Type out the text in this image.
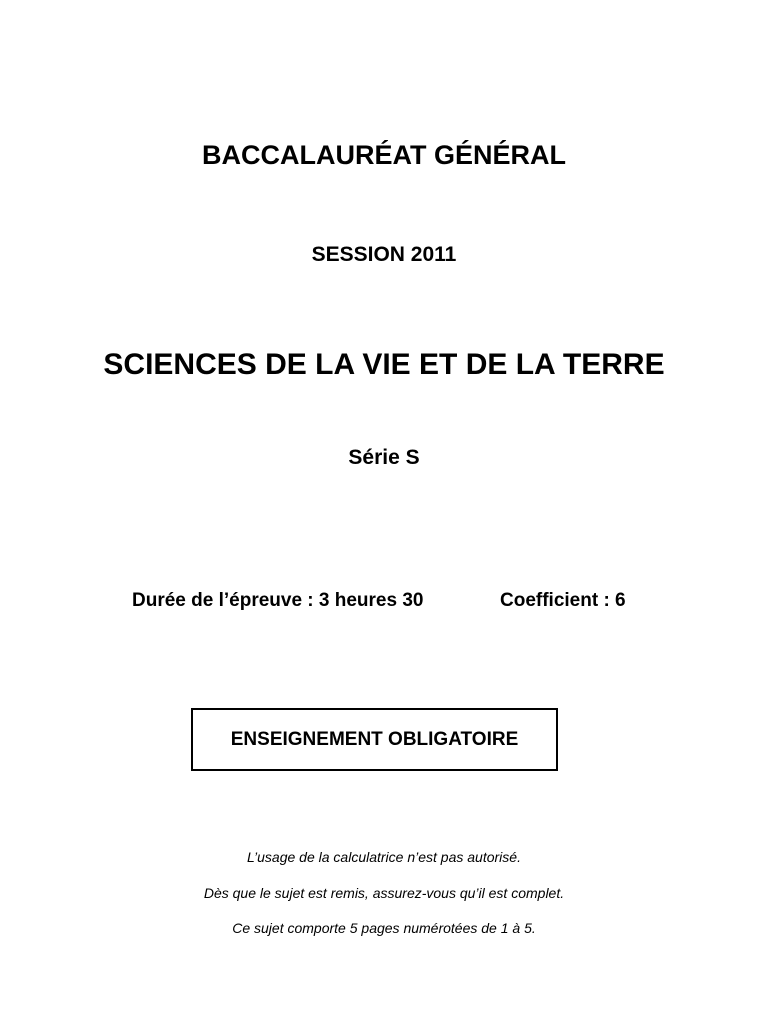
BACCALAURÉAT GÉNÉRAL
SESSION 2011
SCIENCES DE LA VIE ET DE LA TERRE
Série S
Durée de l’épreuve : 3 heures 30	Coefficient : 6
ENSEIGNEMENT OBLIGATOIRE
L’usage de la calculatrice n’est pas autorisé.
Dès que le sujet est remis, assurez-vous qu’il est complet.
Ce sujet comporte 5 pages numérotées de 1 à 5.
